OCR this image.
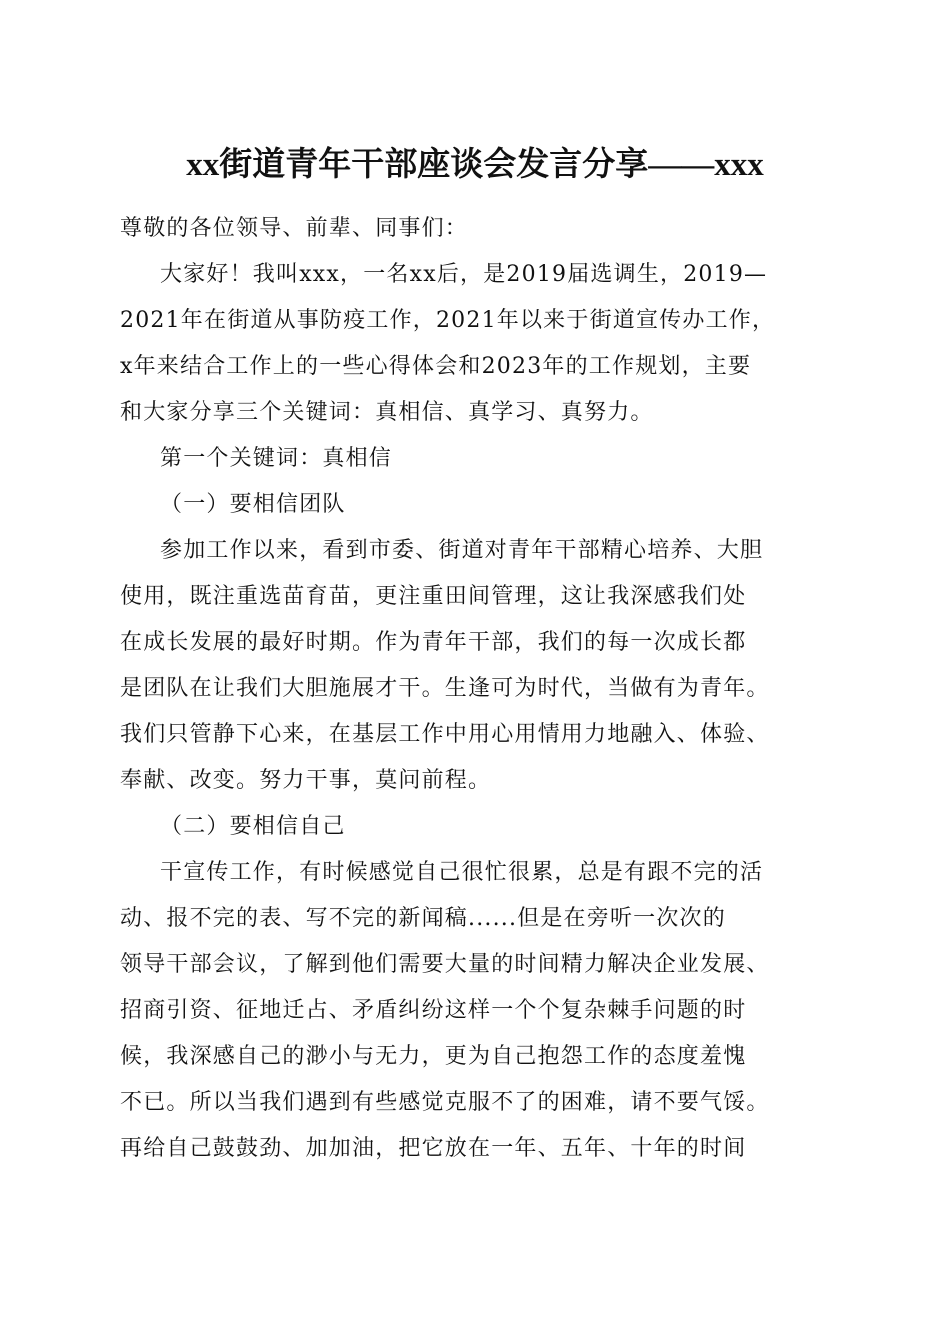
xx街道青年干部座谈会发言分享——xxx
尊敬的各位领导、前辈、同事们：
大家好！我叫xxx，一名xx后，是2019届选调生，2019—
2021年在街道从事防疫工作，2021年以来于街道宣传办工作，
x年来结合工作上的一些心得体会和2023年的工作规划，主要
和大家分享三个关键词：真相信、真学习、真努力。
第一个关键词：真相信
（一）要相信团队
参加工作以来，看到市委、街道对青年干部精心培养、大胆
使用，既注重选苗育苗，更注重田间管理，这让我深感我们处
在成长发展的最好时期。作为青年干部，我们的每一次成长都
是团队在让我们大胆施展才干。生逢可为时代，当做有为青年。
我们只管静下心来，在基层工作中用心用情用力地融入、体验、
奉献、改变。努力干事，莫问前程。
（二）要相信自己
干宣传工作，有时候感觉自己很忙很累，总是有跟不完的活
动、报不完的表、写不完的新闻稿......但是在旁听一次次的
领导干部会议，了解到他们需要大量的时间精力解决企业发展、
招商引资、征地迁占、矛盾纠纷这样一个个复杂棘手问题的时
候，我深感自己的渺小与无力，更为自己抱怨工作的态度羞愧
不已。所以当我们遇到有些感觉克服不了的困难，请不要气馁。
再给自己鼓鼓劲、加加油，把它放在一年、五年、十年的时间
